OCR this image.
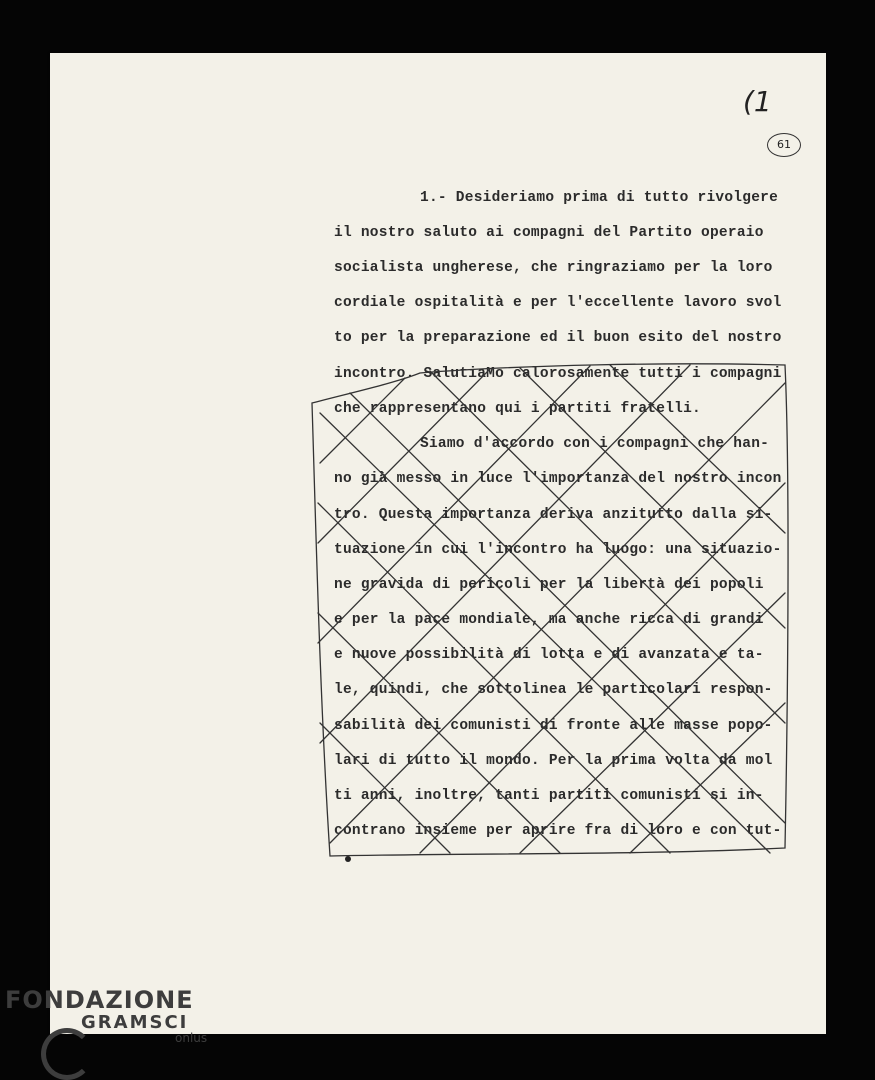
(1
61
1.- Desideriamo prima di tutto rivolgere
il nostro saluto ai compagni del Partito operaio
socialista ungherese, che ringraziamo per la loro
cordiale ospitalità e per l'eccellente lavoro svol
to per la preparazione ed il buon esito del nostro
incontro. SalutiaMo calorosamente tutti i compagni
che rappresentano qui i partiti fratelli.
Siamo d'accordo con i compagni che han-
no già messo in luce l'importanza del nostro incon
tro. Questa importanza deriva anzitutto dalla si-
tuazione in cui l'incontro ha luogo: una situazio-
ne gravida di pericoli per la libertà dei popoli
e per la pace mondiale, ma anche ricca di grandi
e nuove possibilità di lotta e di avanzata e ta-
le, quindi, che sottolinea le particolari respon-
sabilità dei comunisti di fronte alle masse popo-
lari di tutto il mondo. Per la prima volta da mol
ti anni, inoltre, tanti partiti comunisti si in-
contrano insieme per aprire fra di loro e con tut-
FONDAZIONE
GRAMSCI
onlus
